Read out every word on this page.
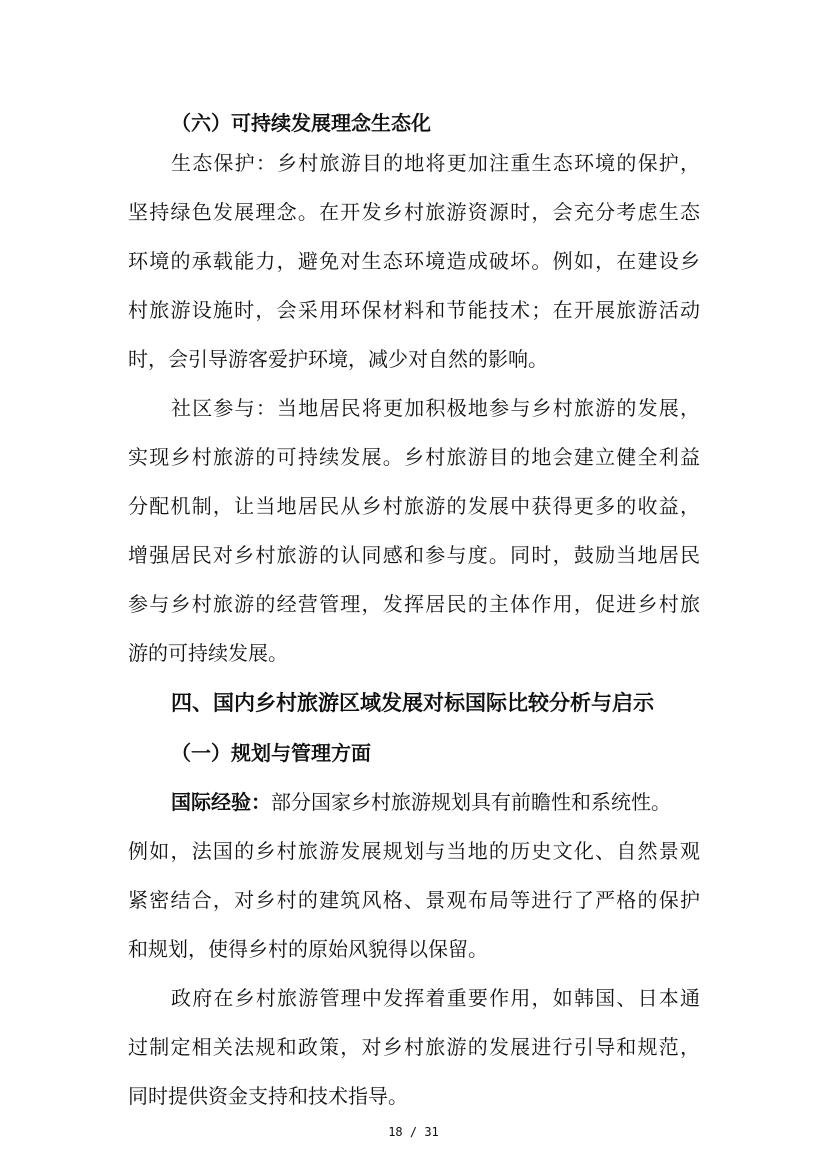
（六）可持续发展理念生态化
生态保护：乡村旅游目的地将更加注重生态环境的保护，
坚持绿色发展理念。在开发乡村旅游资源时，会充分考虑生态
环境的承载能力，避免对生态环境造成破坏。例如，在建设乡
村旅游设施时，会采用环保材料和节能技术；在开展旅游活动
时，会引导游客爱护环境，减少对自然的影响。
社区参与：当地居民将更加积极地参与乡村旅游的发展，
实现乡村旅游的可持续发展。乡村旅游目的地会建立健全利益
分配机制，让当地居民从乡村旅游的发展中获得更多的收益，
增强居民对乡村旅游的认同感和参与度。同时，鼓励当地居民
参与乡村旅游的经营管理，发挥居民的主体作用，促进乡村旅
游的可持续发展。
四、国内乡村旅游区域发展对标国际比较分析与启示
（一）规划与管理方面
国际经验：部分国家乡村旅游规划具有前瞻性和系统性。
例如，法国的乡村旅游发展规划与当地的历史文化、自然景观
紧密结合，对乡村的建筑风格、景观布局等进行了严格的保护
和规划，使得乡村的原始风貌得以保留。
政府在乡村旅游管理中发挥着重要作用，如韩国、日本通
过制定相关法规和政策，对乡村旅游的发展进行引导和规范，
同时提供资金支持和技术指导。
18 / 31
